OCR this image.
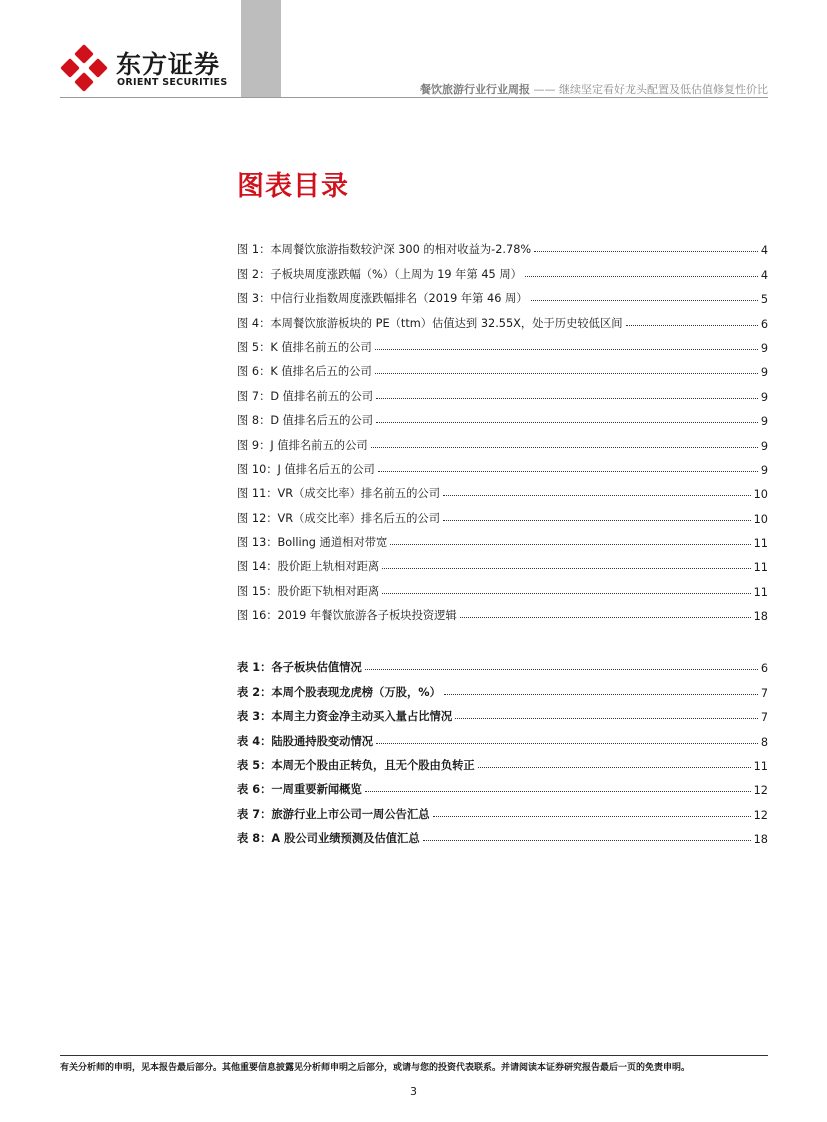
东方证券
ORIENT SECURITIES
餐饮旅游行业行业周报 —— 继续坚定看好龙头配置及低估值修复性价比
图表目录
图 1：本周餐饮旅游指数较沪深 300 的相对收益为-2.78%	4
图 2：子板块周度涨跌幅（%）（上周为 19 年第 45 周）	4
图 3：中信行业指数周度涨跌幅排名（2019 年第 46 周）	5
图 4：本周餐饮旅游板块的 PE（ttm）估值达到 32.55X，处于历史较低区间	6
图 5：K 值排名前五的公司	9
图 6：K 值排名后五的公司	9
图 7：D 值排名前五的公司	9
图 8：D 值排名后五的公司	9
图 9：J 值排名前五的公司	9
图 10：J 值排名后五的公司	9
图 11：VR（成交比率）排名前五的公司	10
图 12：VR（成交比率）排名后五的公司	10
图 13：Bolling 通道相对带宽	11
图 14：股价距上轨相对距离	11
图 15：股价距下轨相对距离	11
图 16：2019 年餐饮旅游各子板块投资逻辑	18
表 1：各子板块估值情况	6
表 2：本周个股表现龙虎榜（万股，%）	7
表 3：本周主力资金净主动买入量占比情况	7
表 4：陆股通持股变动情况	8
表 5：本周无个股由正转负，且无个股由负转正	11
表 6：一周重要新闻概览	12
表 7：旅游行业上市公司一周公告汇总	12
表 8：A 股公司业绩预测及估值汇总	18
有关分析师的申明，见本报告最后部分。其他重要信息披露见分析师申明之后部分，或请与您的投资代表联系。并请阅读本证券研究报告最后一页的免责申明。
3
